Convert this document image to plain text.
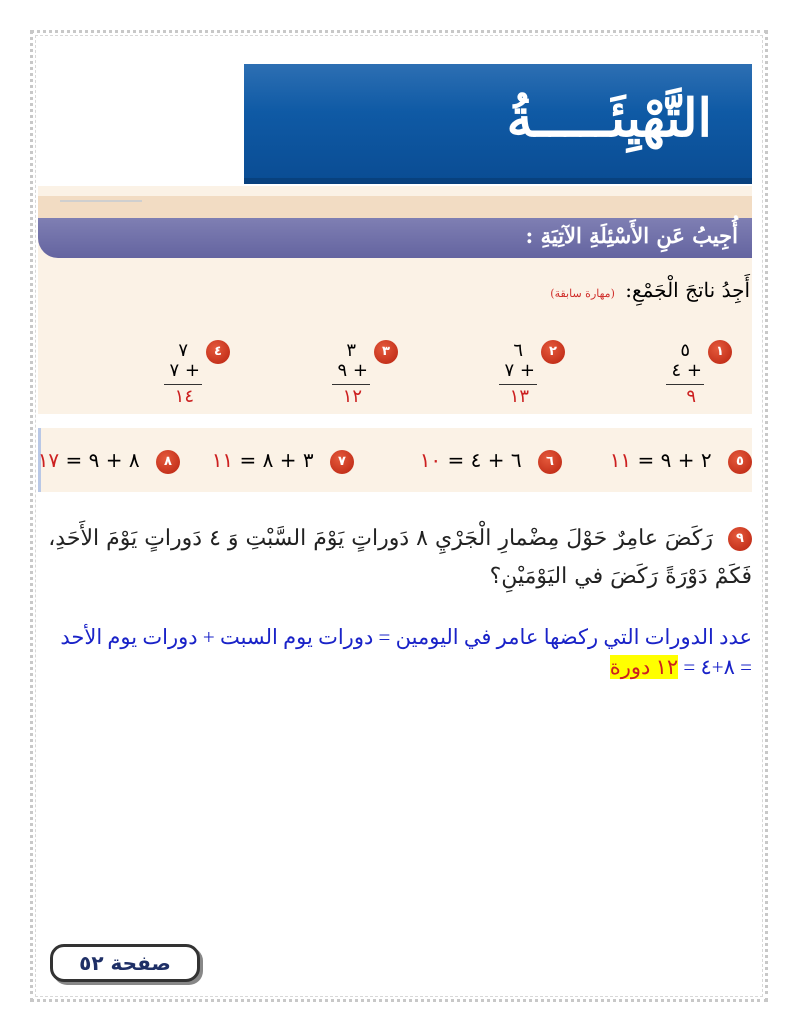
التَّهْيِئَـــــةُ
أُجِيبُ عَنِ الأَسْئِلَةِ الآتِيَةِ :
أَجِدُ ناتجَ الْجَمْعِ: (مهارة سابقة)
١
٥
٤ +
٩
٢
٦
٧ +
١٣
٣
٣
٩ +
١٢
٤
٧
٧ +
١٤
٥ ٢ + ٩ = ١١
٦ ٦ + ٤ = ١٠
٧ ٣ + ٨ = ١١
٨ ٨ + ٩ = ١٧
٩ رَكَضَ عامِرٌ حَوْلَ مِضْمارِ الْجَرْيِ ٨ دَوراتٍ يَوْمَ السَّبْتِ وَ ٤ دَوراتٍ يَوْمَ الأَحَدِ، فَكَمْ دَوْرَةً رَكَضَ في اليَوْمَيْنِ؟
عدد الدورات التي ركضها عامر في اليومين = دورات يوم السبت + دورات يوم الأحد
= ٨+٤ = ١٢ دورة
صفحة ٥٢
